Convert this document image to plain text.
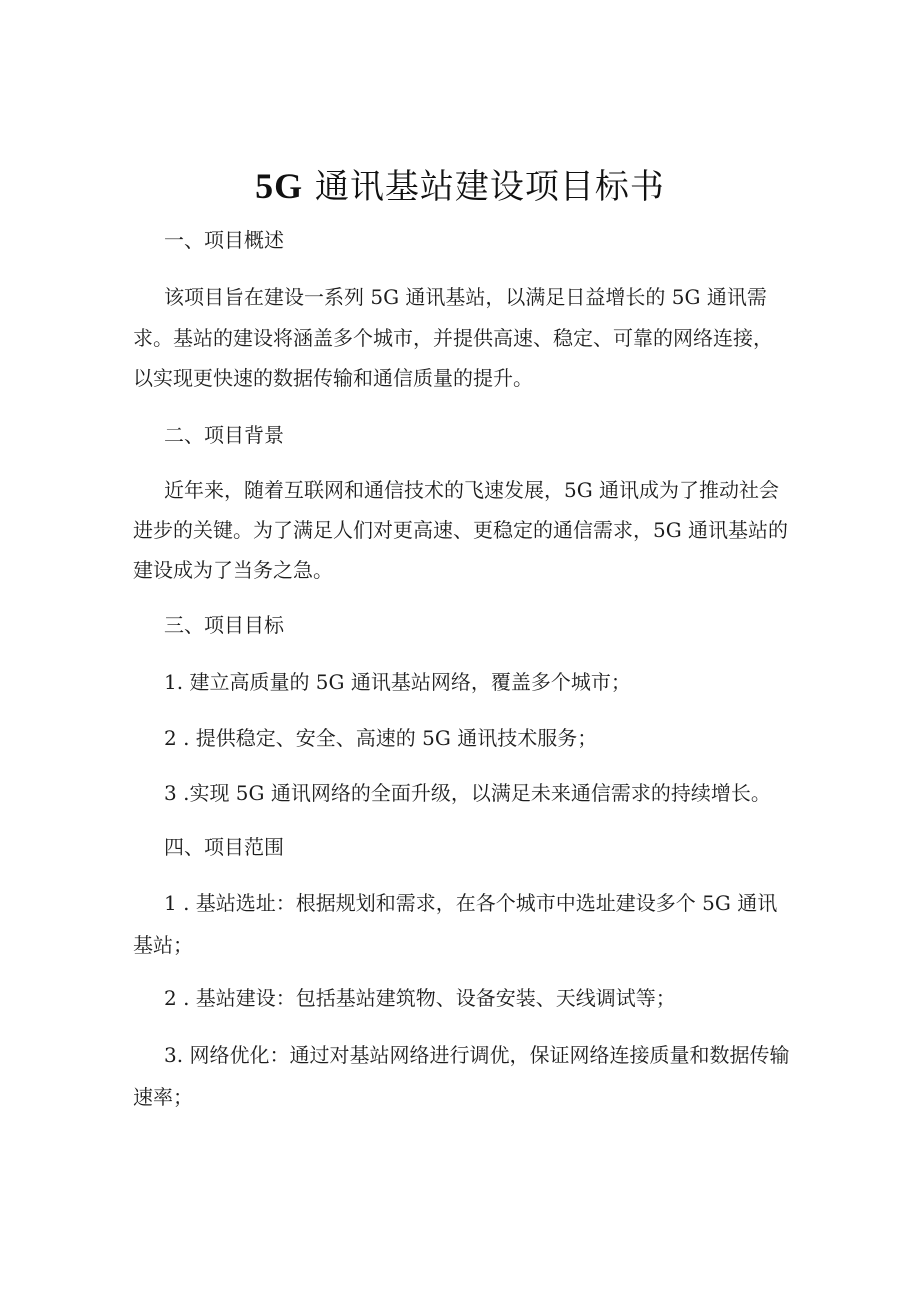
5G 通讯基站建设项目标书
一、项目概述
该项目旨在建设一系列 5G 通讯基站，以满足日益增长的 5G 通讯需
求。基站的建设将涵盖多个城市，并提供高速、稳定、可靠的网络连接，
以实现更快速的数据传输和通信质量的提升。
二、项目背景
近年来，随着互联网和通信技术的飞速发展，5G 通讯成为了推动社会
进步的关键。为了满足人们对更高速、更稳定的通信需求，5G 通讯基站的
建设成为了当务之急。
三、项目目标
1. 建立高质量的 5G 通讯基站网络，覆盖多个城市；
2 . 提供稳定、安全、高速的 5G 通讯技术服务；
3 .实现 5G 通讯网络的全面升级，以满足未来通信需求的持续增长。
四、项目范围
1 . 基站选址：根据规划和需求，在各个城市中选址建设多个 5G 通讯
基站；
2 . 基站建设：包括基站建筑物、设备安装、天线调试等；
3. 网络优化：通过对基站网络进行调优，保证网络连接质量和数据传输
速率；
